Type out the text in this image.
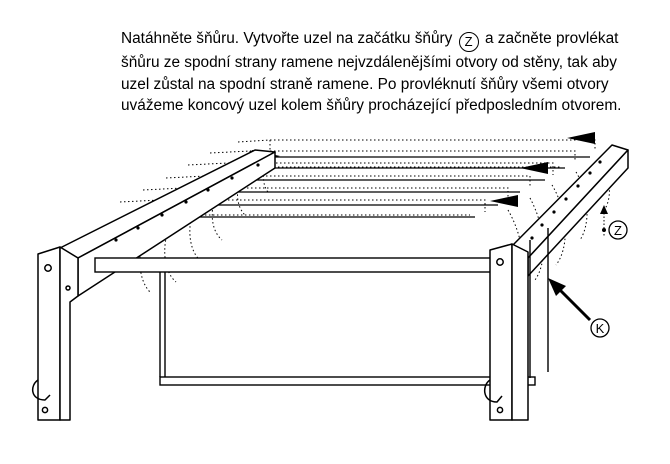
Natáhněte šňůru. Vytvořte uzel na začátku šňůry Z a začněte provlékat šňůru ze spodní strany ramene nejvzdálenějšími otvory od stěny, tak aby uzel zůstal na spodní straně ramene. Po provléknutí šňůry všemi otvory uvážeme koncový uzel kolem šňůry procházející předposledním otvorem.

K
Z
